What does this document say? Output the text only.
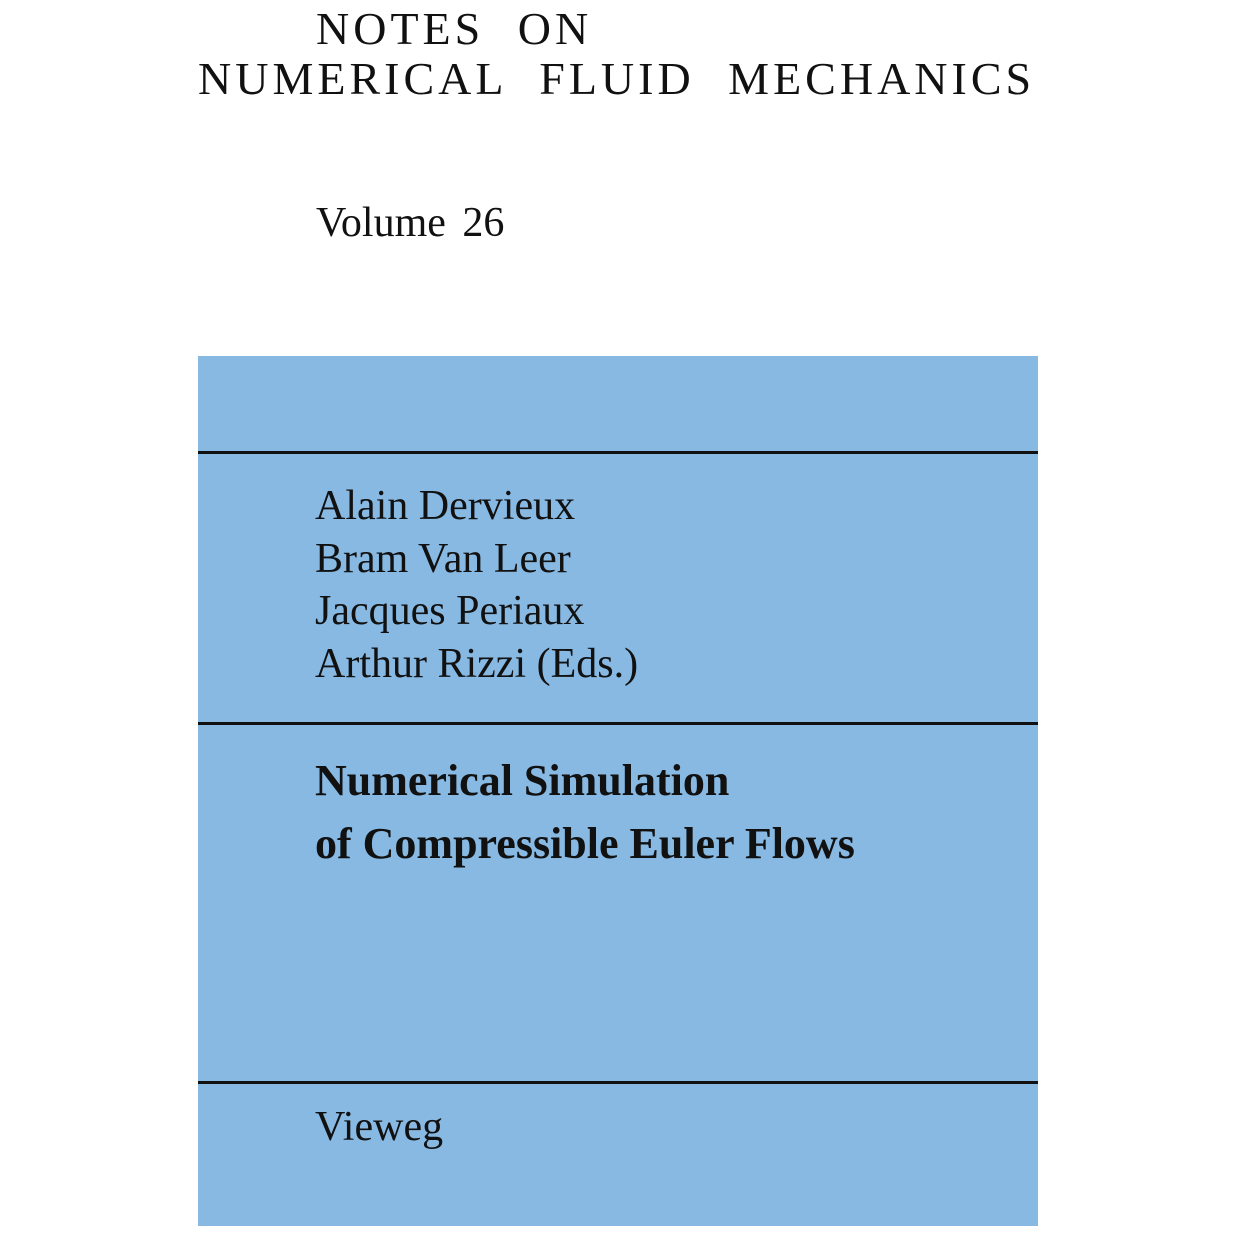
NOTES ON
NUMERICAL FLUID MECHANICS
Volume 26
Alain Dervieux
Bram Van Leer
Jacques Periaux
Arthur Rizzi (Eds.)
Numerical Simulation
of Compressible Euler Flows
Vieweg
